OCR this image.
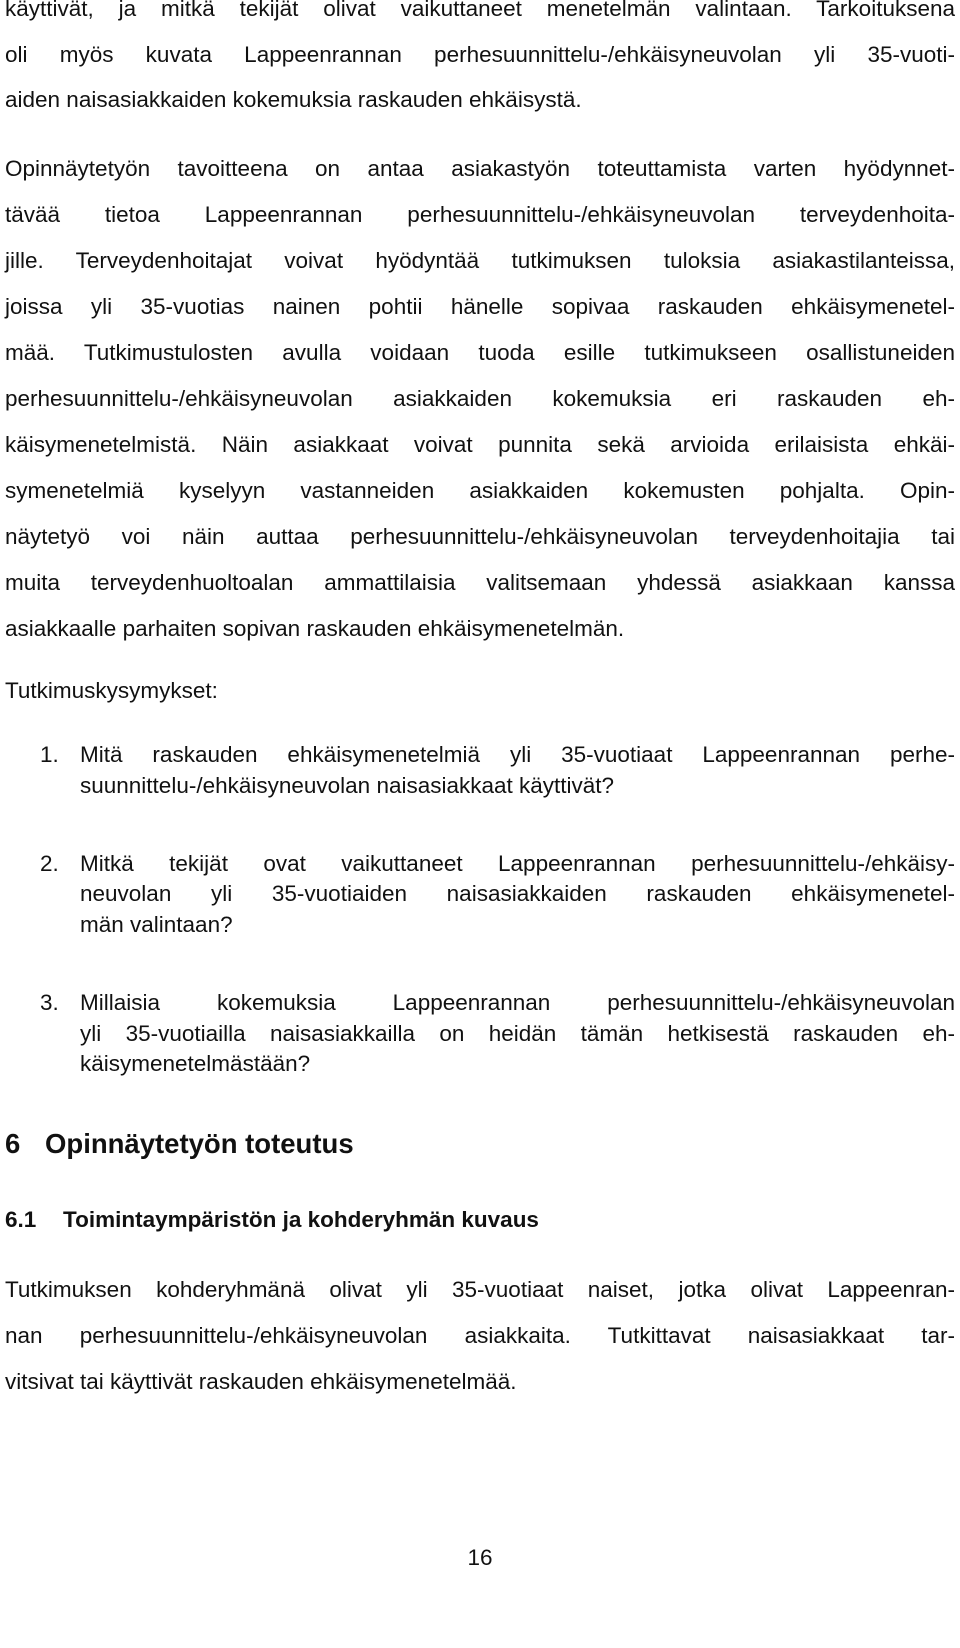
käyttivät, ja mitkä tekijät olivat vaikuttaneet menetelmän valintaan. Tarkoituksena

oli myös kuvata Lappeenrannan perhesuunnittelu-/ehkäisyneuvolan yli 35-vuoti-

aiden naisasiakkaiden kokemuksia raskauden ehkäisystä.

Opinnäytetyön tavoitteena on antaa asiakastyön toteuttamista varten hyödynnet-

tävää tietoa Lappeenrannan perhesuunnittelu-/ehkäisyneuvolan terveydenhoita-

jille. Terveydenhoitajat voivat hyödyntää tutkimuksen tuloksia asiakastilanteissa,

joissa yli 35-vuotias nainen pohtii hänelle sopivaa raskauden ehkäisymenetel-

mää. Tutkimustulosten avulla voidaan tuoda esille tutkimukseen osallistuneiden

perhesuunnittelu-/ehkäisyneuvolan asiakkaiden kokemuksia eri raskauden eh-

käisymenetelmistä. Näin asiakkaat voivat punnita sekä arvioida erilaisista ehkäi-

symenetelmiä kyselyyn vastanneiden asiakkaiden kokemusten pohjalta. Opin-

näytetyö voi näin auttaa perhesuunnittelu-/ehkäisyneuvolan terveydenhoitajia tai

muita terveydenhuoltoalan ammattilaisia valitsemaan yhdessä asiakkaan kanssa

asiakkaalle parhaiten sopivan raskauden ehkäisymenetelmän.

Tutkimuskysymykset:

1. Mitä raskauden ehkäisymenetelmiä yli 35-vuotiaat Lappeenrannan perhe-
suunnittelu-/ehkäisyneuvolan naisasiakkaat käyttivät?
2. Mitkä tekijät ovat vaikuttaneet Lappeenrannan perhesuunnittelu-/ehkäisy-
neuvolan yli 35-vuotiaiden naisasiakkaiden raskauden ehkäisymenetel-
män valintaan?
3. Millaisia kokemuksia Lappeenrannan perhesuunnittelu-/ehkäisyneuvolan
yli 35-vuotiailla naisasiakkailla on heidän tämän hetkisestä raskauden eh-
käisymenetelmästään?
6 Opinnäytetyön toteutus
6.1 Toimintaympäristön ja kohderyhmän kuvaus

Tutkimuksen kohderyhmänä olivat yli 35-vuotiaat naiset, jotka olivat Lappeenran-

nan perhesuunnittelu-/ehkäisyneuvolan asiakkaita. Tutkittavat naisasiakkaat tar-

vitsivat tai käyttivät raskauden ehkäisymenetelmää.

16
